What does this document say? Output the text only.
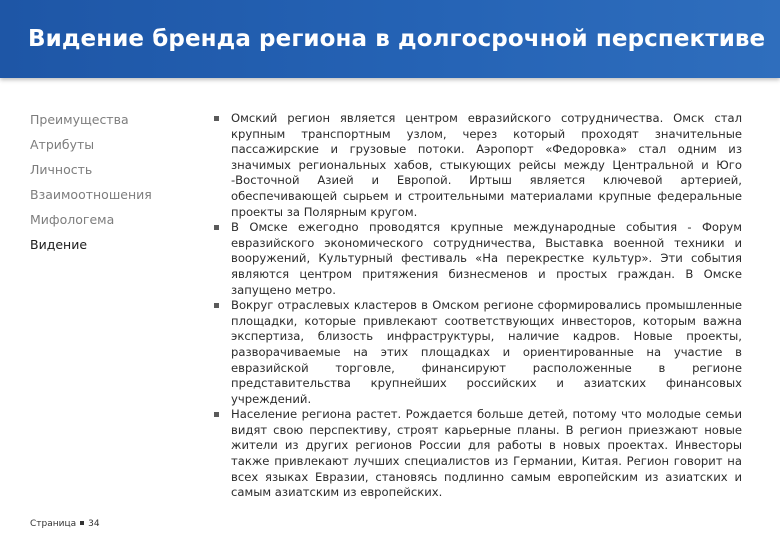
Видение бренда региона в долгосрочной перспективе
Преимущества
Атрибуты
Личность
Взаимоотношения
Мифологема
Видение
Омский регион является центром евразийского сотрудничества. Омск стал крупным транспортным узлом, через который проходят значительные пассажирские и грузовые потоки. Аэропорт «Федоровка» стал одним из значимых региональных хабов, стыкующих рейсы между Центральной и Юго -Восточной Азией и Европой. Иртыш является ключевой артерией, обеспечивающей сырьем и строительными материалами крупные федеральные проекты за Полярным кругом.
В Омске ежегодно проводятся крупные международные события - Форум евразийского экономического сотрудничества, Выставка военной техники и вооружений, Культурный фестиваль «На перекрестке культур». Эти события являются центром притяжения бизнесменов и простых граждан. В Омске запущено метро.
Вокруг отраслевых кластеров в Омском регионе сформировались промышленные площадки, которые привлекают соответствующих инвесторов, которым важна экспертиза, близость инфраструктуры, наличие кадров. Новые проекты, разворачиваемые на этих площадках и ориентированные на участие в евразийской торговле, финансируют расположенные в регионе представительства крупнейших российских и азиатских финансовых учреждений.
Население региона растет. Рождается больше детей, потому что молодые семьи видят свою перспективу, строят карьерные планы. В регион приезжают новые жители из других регионов России для работы в новых проектах. Инвесторы также привлекают лучших специалистов из Германии, Китая. Регион говорит на всех языках Евразии, становясь подлинно самым европейским из азиатских и самым азиатским из европейских.
Страница 34
